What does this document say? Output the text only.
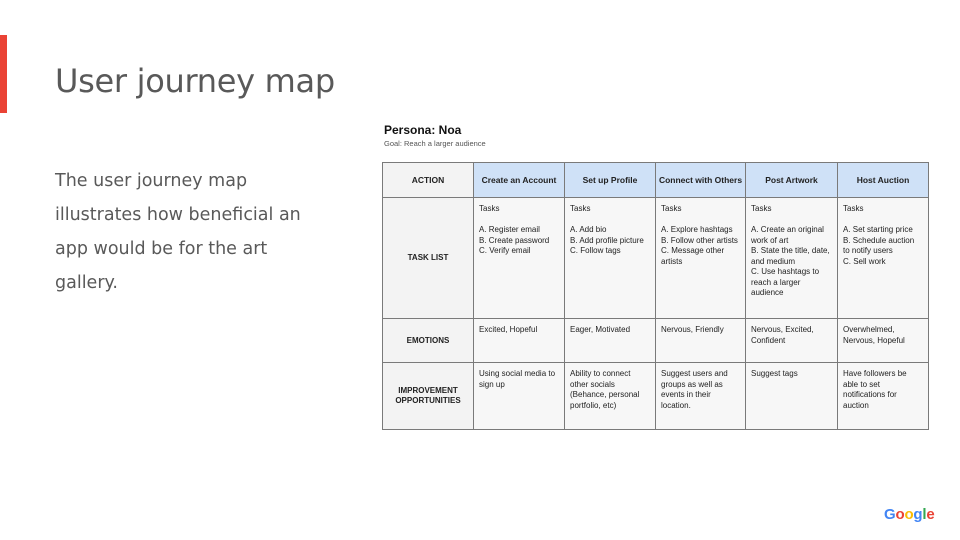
User journey map

The user journey map illustrates how beneficial an app would be for the art gallery.

Persona: Noa
Goal: Reach a larger audience
ACTION	Create an Account	Set up Profile	Connect with Others	Post Artwork	Host Auction
TASK LIST	Tasks
A. Register email
B. Create password
C. Verify email	Tasks
A. Add bio
B. Add profile picture
C. Follow tags	Tasks
A. Explore hashtags
B. Follow other artists
C. Message other artists	Tasks
A. Create an original work of art
B. State the title, date, and medium
C. Use hashtags to reach a larger audience	Tasks
A. Set starting price
B. Schedule auction to notify users
C. Sell work

EMOTIONS	Excited, Hopeful	Eager, Motivated	Nervous, Friendly	Nervous, Excited, Confident	Overwhelmed, Nervous, Hopeful
IMPROVEMENT OPPORTUNITIES	Using social media to sign up	Ability to connect other socials (Behance, personal portfolio, etc)	Suggest users and groups as well as events in their location.	Suggest tags	Have followers be able to set notifications for auction
Google
